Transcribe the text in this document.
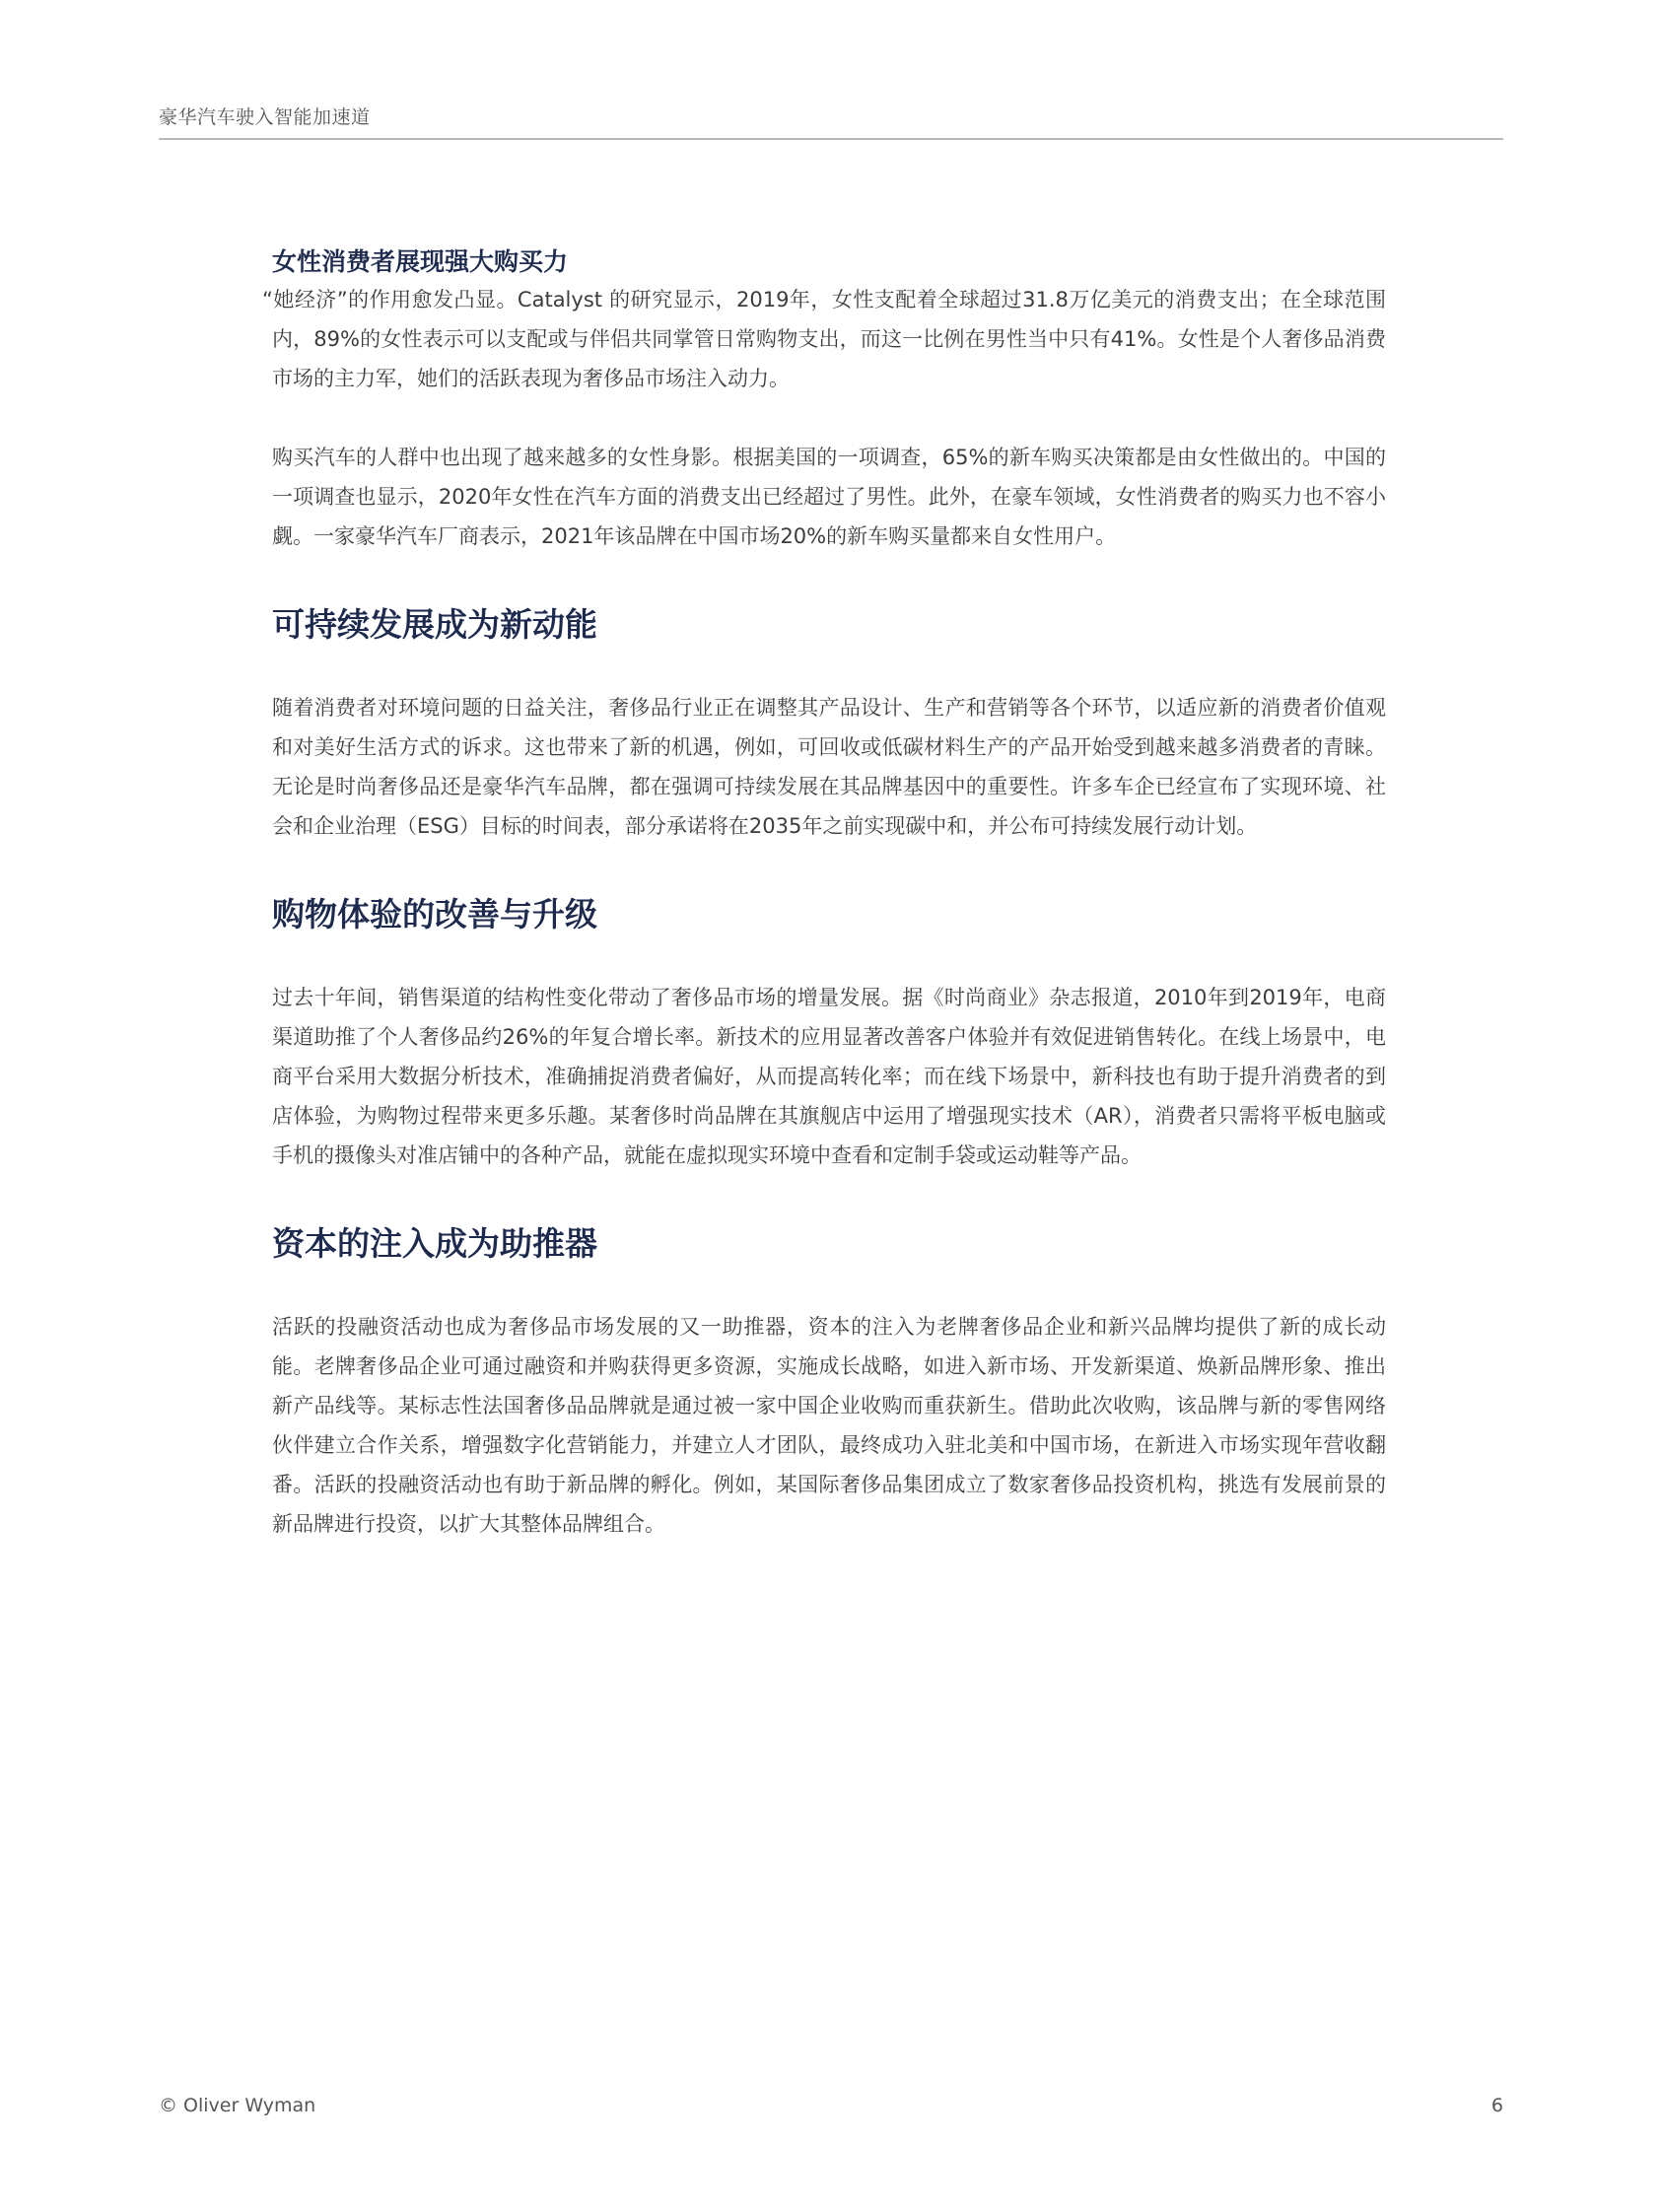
豪华汽车驶入智能加速道
女性消费者展现强大购买力

“她经济”的作用愈发凸显。Catalyst 的研究显示，2019年，女性支配着全球超过31.8万亿美元的消费支出；在全球范围内，89%的女性表示可以支配或与伴侣共同掌管日常购物支出，而这一比例在男性当中只有41%。女性是个人奢侈品消费市场的主力军，她们的活跃表现为奢侈品市场注入动力。

购买汽车的人群中也出现了越来越多的女性身影。根据美国的一项调查，65%的新车购买决策都是由女性做出的。中国的一项调查也显示，2020年女性在汽车方面的消费支出已经超过了男性。此外，在豪车领域，女性消费者的购买力也不容小觑。一家豪华汽车厂商表示，2021年该品牌在中国市场20%的新车购买量都来自女性用户。

可持续发展成为新动能

随着消费者对环境问题的日益关注，奢侈品行业正在调整其产品设计、生产和营销等各个环节，以适应新的消费者价值观和对美好生活方式的诉求。这也带来了新的机遇，例如，可回收或低碳材料生产的产品开始受到越来越多消费者的青睐。无论是时尚奢侈品还是豪华汽车品牌，都在强调可持续发展在其品牌基因中的重要性。许多车企已经宣布了实现环境、社会和企业治理（ESG）目标的时间表，部分承诺将在2035年之前实现碳中和，并公布可持续发展行动计划。

购物体验的改善与升级

过去十年间，销售渠道的结构性变化带动了奢侈品市场的增量发展。据《时尚商业》杂志报道，2010年到2019年，电商渠道助推了个人奢侈品约26%的年复合增长率。新技术的应用显著改善客户体验并有效促进销售转化。在线上场景中，电商平台采用大数据分析技术，准确捕捉消费者偏好，从而提高转化率；而在线下场景中，新科技也有助于提升消费者的到店体验，为购物过程带来更多乐趣。某奢侈时尚品牌在其旗舰店中运用了增强现实技术（AR），消费者只需将平板电脑或手机的摄像头对准店铺中的各种产品，就能在虚拟现实环境中查看和定制手袋或运动鞋等产品。

资本的注入成为助推器

活跃的投融资活动也成为奢侈品市场发展的又一助推器，资本的注入为老牌奢侈品企业和新兴品牌均提供了新的成长动能。老牌奢侈品企业可通过融资和并购获得更多资源，实施成长战略，如进入新市场、开发新渠道、焕新品牌形象、推出新产品线等。某标志性法国奢侈品品牌就是通过被一家中国企业收购而重获新生。借助此次收购，该品牌与新的零售网络伙伴建立合作关系，增强数字化营销能力，并建立人才团队，最终成功入驻北美和中国市场，在新进入市场实现年营收翻番。活跃的投融资活动也有助于新品牌的孵化。例如，某国际奢侈品集团成立了数家奢侈品投资机构，挑选有发展前景的新品牌进行投资，以扩大其整体品牌组合。

© Oliver Wyman	6
